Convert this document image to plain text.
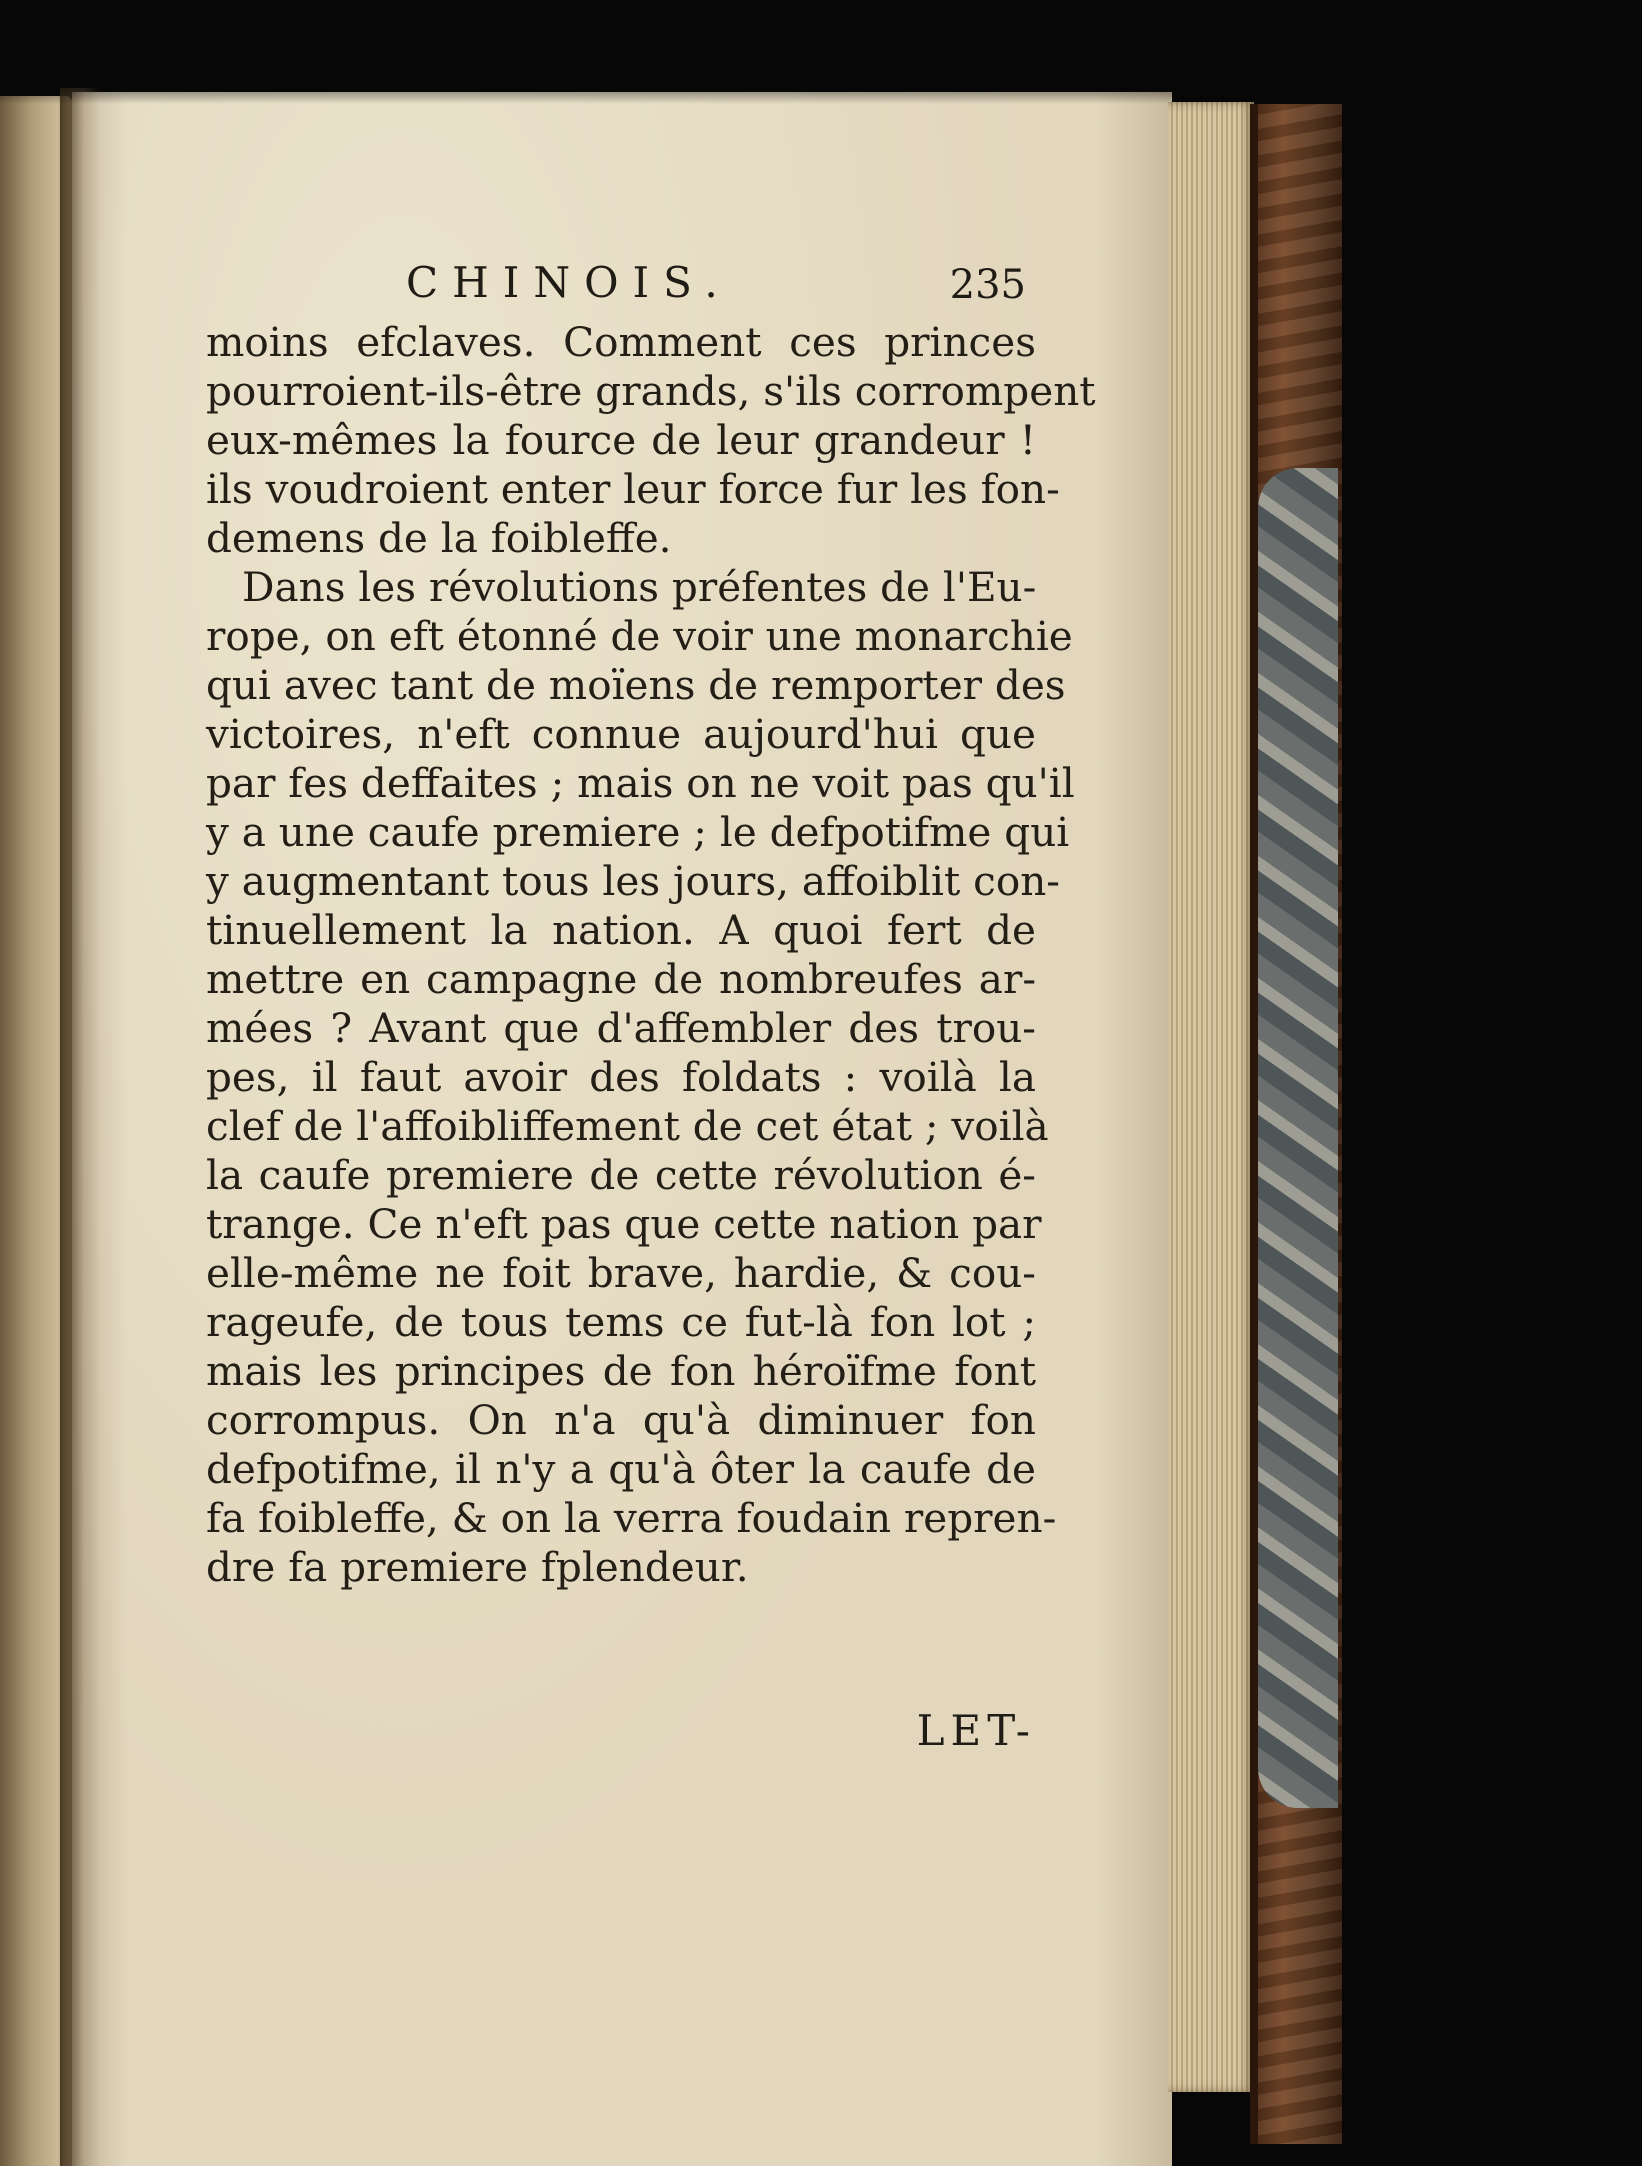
CHINOIS.	235
moins efclaves. Comment ces princes
pourroient-ils-être grands, s'ils corrompent
eux-mêmes la fource de leur grandeur !
ils voudroient enter leur force fur les fon-
demens de la foibleffe.
Dans les révolutions préfentes de l'Eu-
rope, on eft étonné de voir une monarchie
qui avec tant de moïens de remporter des
victoires, n'eft connue aujourd'hui que
par fes deffaites ; mais on ne voit pas qu'il
y a une caufe premiere ; le defpotifme qui
y augmentant tous les jours, affoiblit con-
tinuellement la nation. A quoi fert de
mettre en campagne de nombreufes ar-
mées ? Avant que d'affembler des trou-
pes, il faut avoir des foldats : voilà la
clef de l'affoibliffement de cet état ; voilà
la caufe premiere de cette révolution é-
trange. Ce n'eft pas que cette nation par
elle-même ne foit brave, hardie, & cou-
rageufe, de tous tems ce fut-là fon lot ;
mais les principes de fon héroïfme font
corrompus. On n'a qu'à diminuer fon
defpotifme, il n'y a qu'à ôter la caufe de
fa foibleffe, & on la verra foudain repren-
dre fa premiere fplendeur.
LET-
